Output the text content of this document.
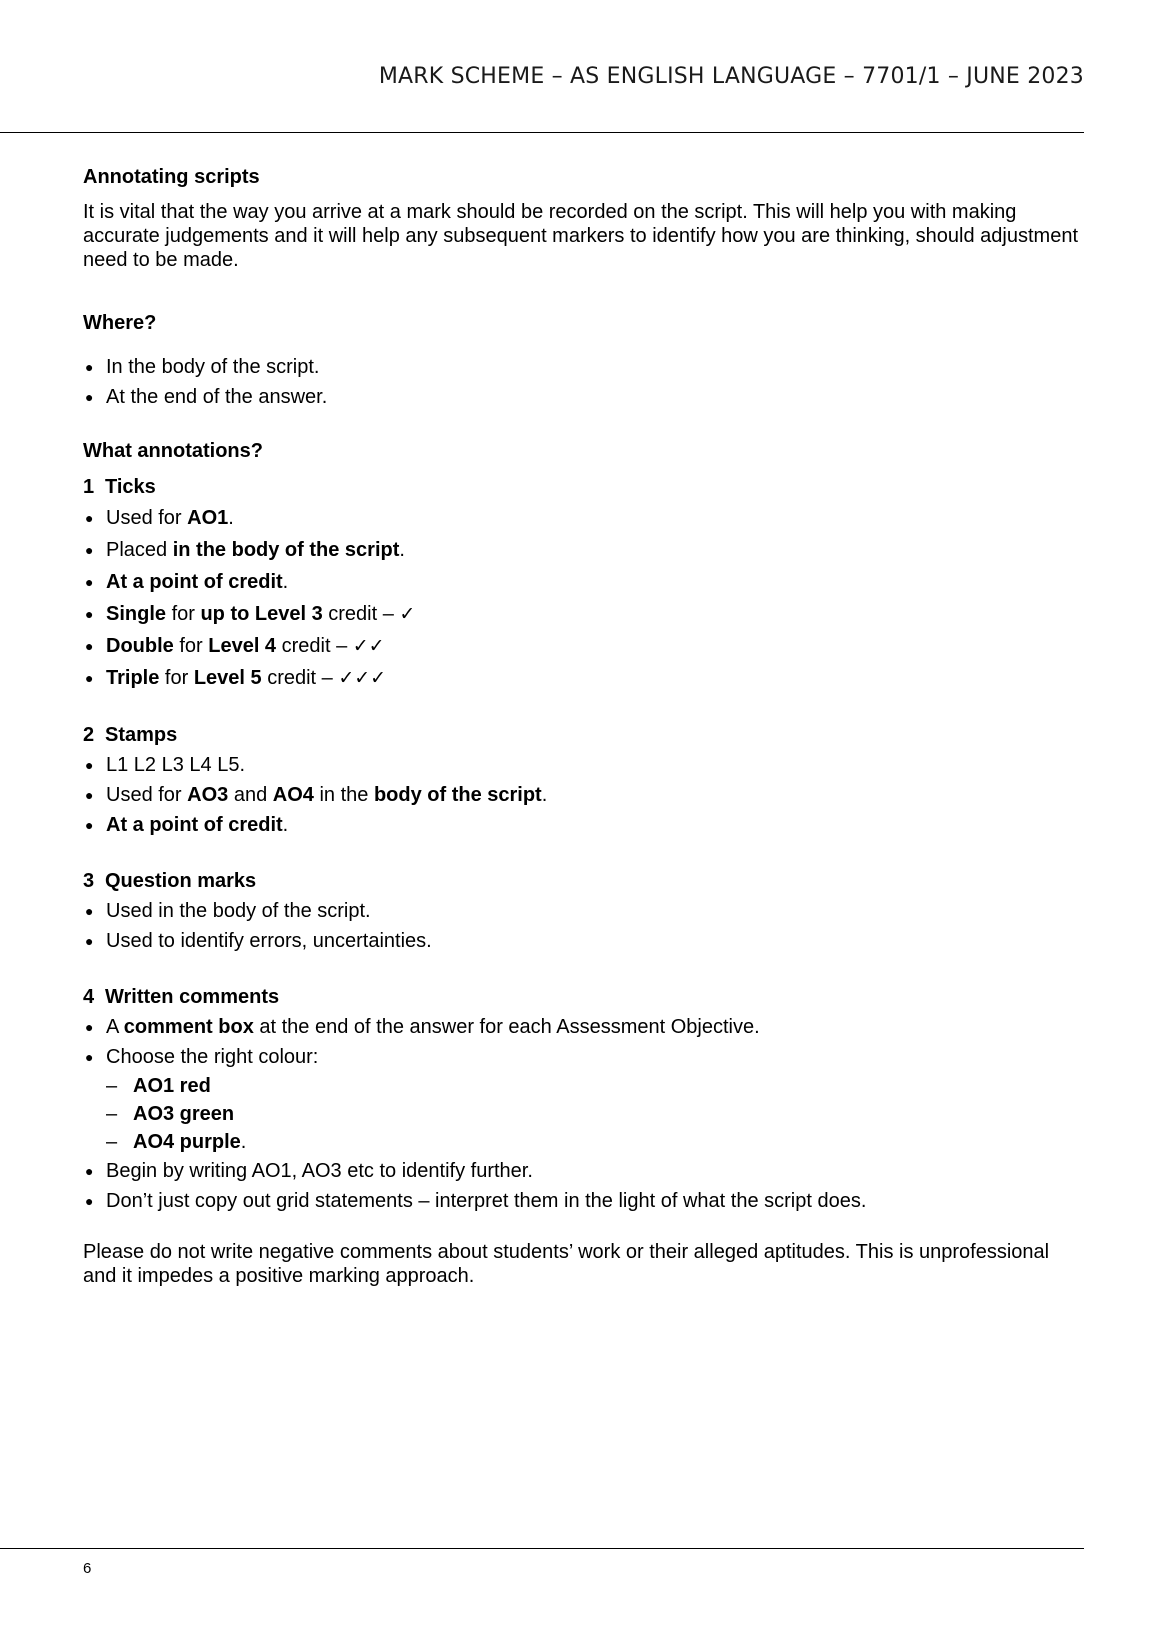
MARK SCHEME – AS ENGLISH LANGUAGE – 7701/1 – JUNE 2023
Annotating scripts

It is vital that the way you arrive at a mark should be recorded on the script. This will help you with making accurate judgements and it will help any subsequent markers to identify how you are thinking, should adjustment need to be made.

Where?
● In the body of the script.
● At the end of the answer.
What annotations?
1 Ticks
● Used for AO1.
● Placed in the body of the script.
● At a point of credit.
● Single for up to Level 3 credit – ✓
● Double for Level 4 credit – ✓✓
● Triple for Level 5 credit – ✓✓✓
2 Stamps
● L1 L2 L3 L4 L5.
● Used for AO3 and AO4 in the body of the script.
● At a point of credit.
3 Question marks
● Used in the body of the script.
● Used to identify errors, uncertainties.
4 Written comments
● A comment box at the end of the answer for each Assessment Objective.
● Choose the right colour:
– AO1 red
– AO3 green
– AO4 purple.
● Begin by writing AO1, AO3 etc to identify further.
● Don’t just copy out grid statements – interpret them in the light of what the script does.

Please do not write negative comments about students’ work or their alleged aptitudes. This is unprofessional and it impedes a positive marking approach.

6
